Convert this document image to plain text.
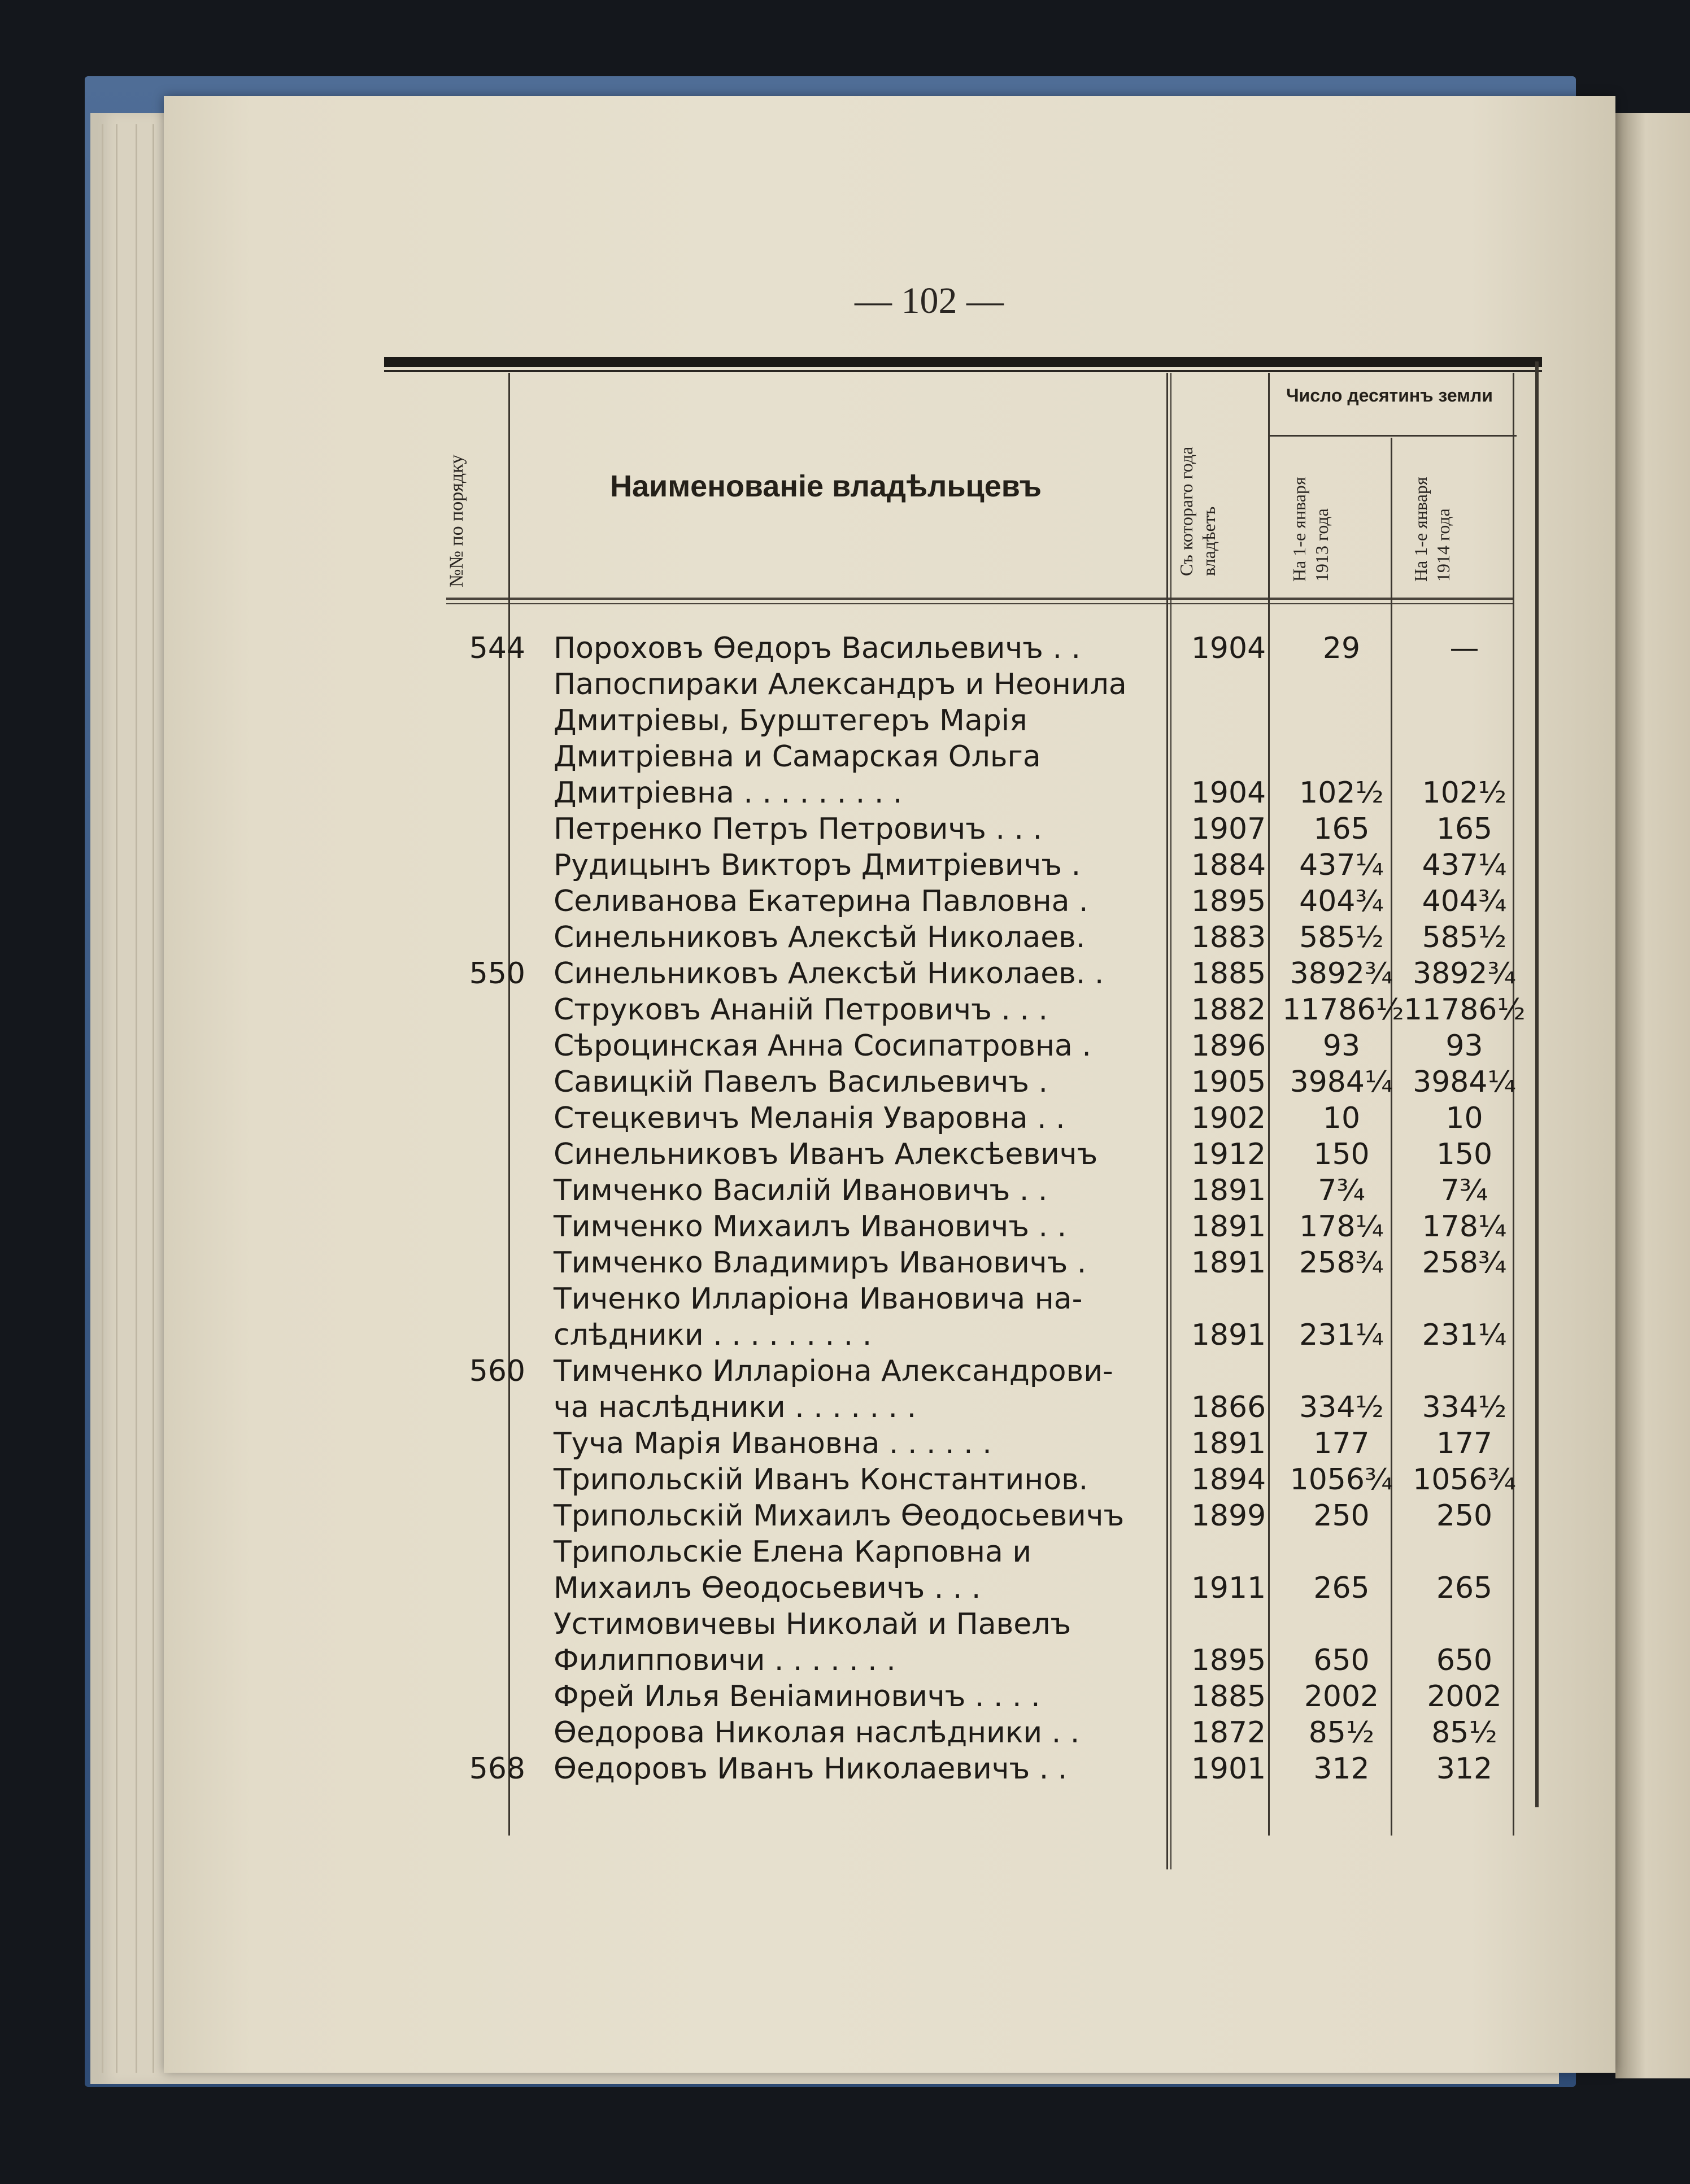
— 102 —
№№ по порядку	Наименованіе владѣльцевъ	Съ котораго года владѣетъ
Число десятинъ земли
На 1-е января 1913 года	На 1-е января 1914 года
544 Пороховъ Өедоръ Васильевичъ . .	1904	29	—
Папоспираки Александръ и Неонила
Дмитріевы, Бурштегеръ Марія
Дмитріевна и Самарская Ольга
Дмитріевна . . . . . . . . .	1904	102½	102½
Петренко Петръ Петровичъ . . .	1907	165	165
Рудицынъ Викторъ Дмитріевичъ .	1884	437¼	437¼
Селиванова Екатерина Павловна .	1895	404¾	404¾
Синельниковъ Алексѣй Николаев.	1883	585½	585½
550 Синельниковъ Алексѣй Николаев. .	1885 3892¾ 3892¾
Струковъ Ананій Петровичъ . . .	1882 11786½ 11786½
Сѣроцинская Анна Сосипатровна .	1896	93	93
Савицкій Павелъ Васильевичъ .	1905 3984¼ 3984¼
Стецкевичъ Меланія Уваровна . .	1902	10	10
Синельниковъ Иванъ Алексѣевичъ	1912	150	150
Тимченко Василій Ивановичъ . .	1891	7¾	7¾
Тимченко Михаилъ Ивановичъ . .	1891	178¼	178¼
Тимченко Владимиръ Ивановичъ .	1891	258¾	258¾
Тиченко Илларіона Ивановича на-
слѣдники . . . . . . . . .	1891	231¼	231¼
560 Тимченко Илларіона Александрови-
ча наслѣдники . . . . . . .	1866	334½	334½
Туча Марія Ивановна . . . . . .	1891	177	177
Трипольскій Иванъ Константинов.	1894 1056¾ 1056¾
Трипольскій Михаилъ Өеодосьевичъ	1899	250	250
Трипольскіе Елена Карповна и
Михаилъ Өеодосьевичъ . . .	1911	265	265
Устимовичевы Николай и Павелъ
Филипповичи . . . . . . .	1895	650	650
Фрей Илья Веніаминовичъ . . . .	1885	2002	2002
Өедорова Николая наслѣдники . .	1872	85½	85½
568 Өедоровъ Иванъ Николаевичъ . .	1901	312	312
